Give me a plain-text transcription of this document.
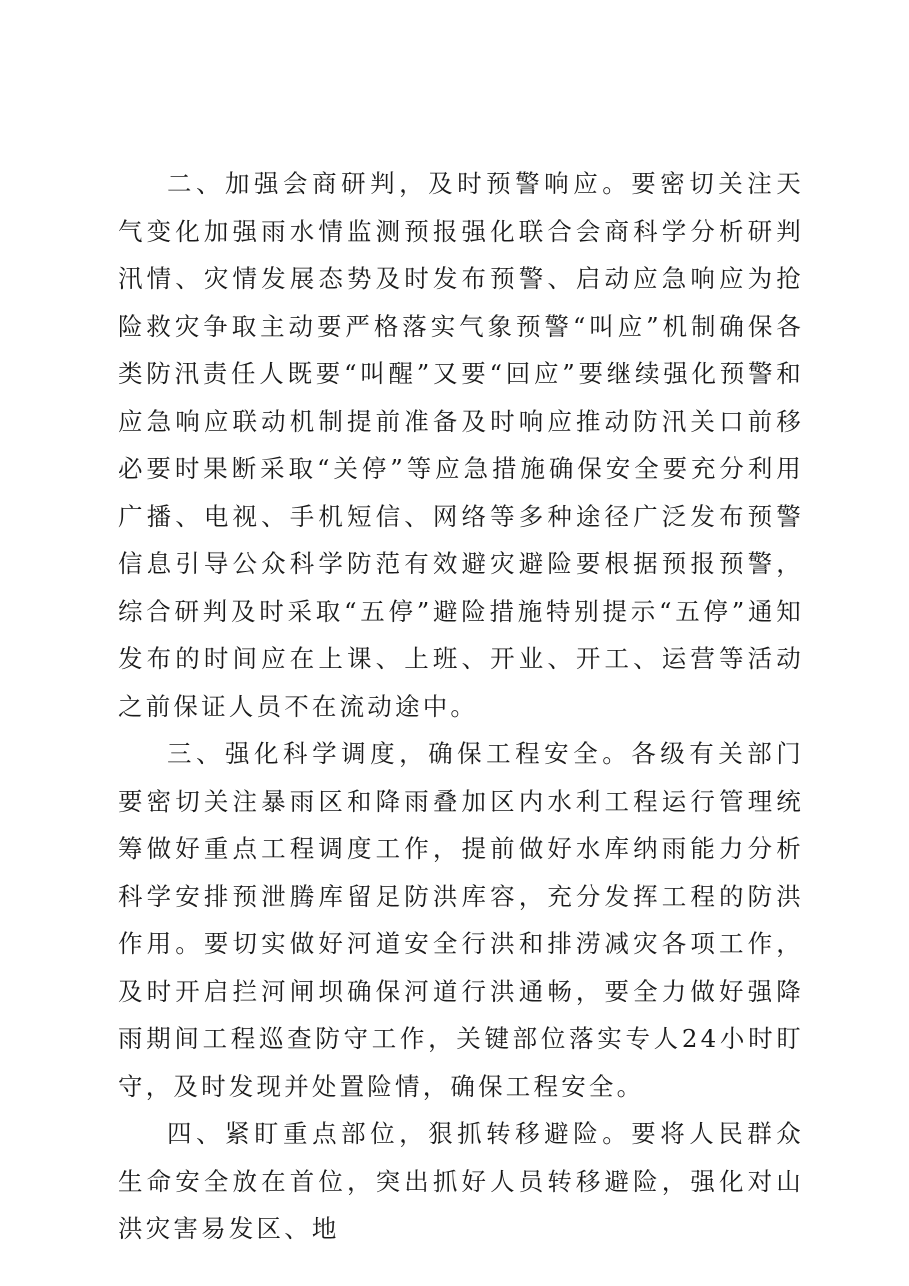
二、加强会商研判，及时预警响应。要密切关注天气变化加强雨水情监测预报强化联合会商科学分析研判汛情、灾情发展态势及时发布预警、启动应急响应为抢险救灾争取主动要严格落实气象预警“叫应”机制确保各类防汛责任人既要“叫醒”又要“回应”要继续强化预警和应急响应联动机制提前准备及时响应推动防汛关口前移必要时果断采取“关停”等应急措施确保安全要充分利用广播、电视、手机短信、网络等多种途径广泛发布预警信息引导公众科学防范有效避灾避险要根据预报预警，综合研判及时采取“五停”避险措施特别提示“五停”通知发布的时间应在上课、上班、开业、开工、运营等活动之前保证人员不在流动途中。

三、强化科学调度，确保工程安全。各级有关部门要密切关注暴雨区和降雨叠加区内水利工程运行管理统筹做好重点工程调度工作，提前做好水库纳雨能力分析科学安排预泄腾库留足防洪库容，充分发挥工程的防洪作用。要切实做好河道安全行洪和排涝减灾各项工作，及时开启拦河闸坝确保河道行洪通畅，要全力做好强降雨期间工程巡查防守工作，关键部位落实专人24小时盯守，及时发现并处置险情，确保工程安全。

四、紧盯重点部位，狠抓转移避险。要将人民群众生命安全放在首位，突出抓好人员转移避险，强化对山洪灾害易发区、地
